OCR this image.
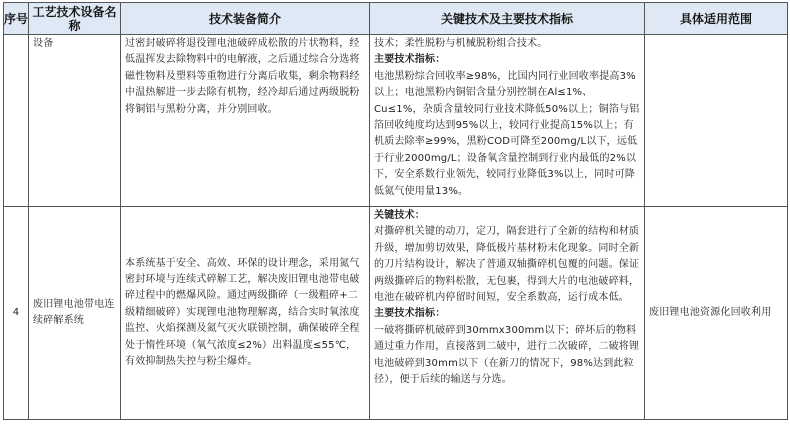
序号	工艺技术设备名称	技术装备简介	关键技术及主要技术指标	具体适用范围
	设备	过密封破碎将退役锂电池破碎成松散的片状物料，经低温挥发去除物料中的电解液，之后通过综合分选将磁性物料及塑料等重物进行分离后收集，剩余物料经中温热解进一步去除有机物，经冷却后通过两级脱粉将铜铝与黑粉分离，并分别回收。	技术；柔性脱粉与机械脱粉组合技术。

主要技术指标：

电池黑粉综合回收率≥98%，比国内同行业回收率提高3%以上；电池黑粉内铜铝含量分别控制在Al≤1%、Cu≤1%，杂质含量较同行业技术降低50%以上；铜箔与铝箔回收纯度均达到95%以上，较同行业提高15%以上；有机质去除率≥99%，黑粉COD可降至200mg/L以下，远低于行业2000mg/L；设备氧含量控制到行业内最低的2%以下，安全系数行业领先，较同行业降低3%以上，同时可降低氮气使用量13%。	

4	废旧锂电池带电连续碎解系统	本系统基于安全、高效、环保的设计理念，采用氮气密封环境与连续式碎解工艺，解决废旧锂电池带电破碎过程中的燃爆风险。通过两级撕碎（一级粗碎+二级精细破碎）实现锂电池物理解离，结合实时氧浓度监控、火焰探测及氮气灭火联锁控制，确保破碎全程处于惰性环境（氧气浓度≤2%）出料温度≤55℃，有效抑制热失控与粉尘爆炸。	关键技术：

对撕碎机关键的动刀，定刀，隔套进行了全新的结构和材质升级，增加剪切效果，降低极片基材粉末化现象。同时全新的刀片结构设计，解决了普通双轴撕碎机包覆的问题。保证两级撕碎后的物料松散，无包裹，得到大片的电池破碎料，电池在破碎机内停留时间短，安全系数高，运行成本低。

主要技术指标：

一破将撕碎机破碎到30mmx300mm以下；碎坏后的物料通过重力作用，直接落到二破中，进行二次破碎，二破将锂电池破碎到30mm以下（在新刀的情况下，98%达到此粒径），便于后续的输送与分选。	废旧锂电池资源化回收利用
